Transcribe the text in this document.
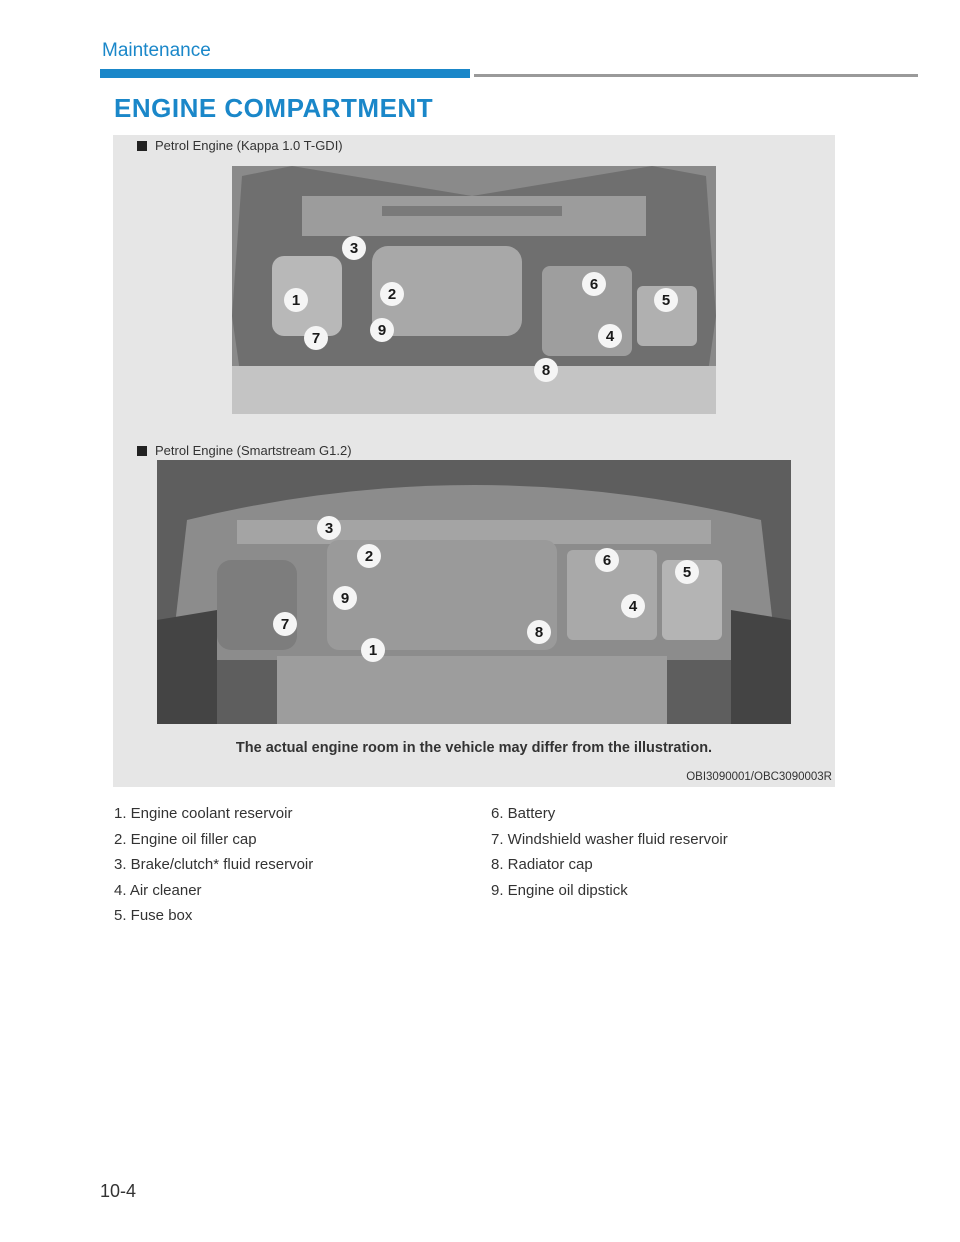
Maintenance
ENGINE COMPARTMENT
Petrol Engine (Kappa 1.0 T-GDI)
1	2
3
4
5
6
7
8
9
Petrol Engine (Smartstream G1.2)
1
2
3
4
5
6
7	8
9
The actual engine room in the vehicle may differ from the illustration.
OBI3090001/OBC3090003R
1. Engine coolant reservoir
2. Engine oil filler cap
3. Brake/clutch* fluid reservoir
4. Air cleaner
5. Fuse box
6. Battery
7. Windshield washer fluid reservoir
8. Radiator cap
9. Engine oil dipstick
10-4
